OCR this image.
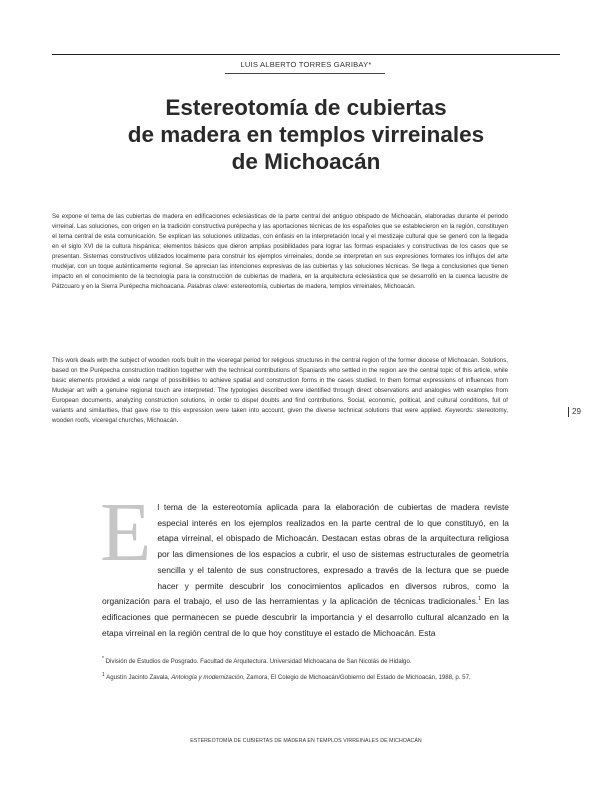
LUIS ALBERTO TORRES GARIBAY*
Estereotomía de cubiertas
de madera en templos virreinales
de Michoacán

Se expone el tema de las cubiertas de madera en edificaciones eclesiásticas de la parte central del antiguo obispado de Michoacán, elaboradas durante el periodo virreinal. Las soluciones, con origen en la tradición constructiva purépecha y las aportaciones técnicas de los españoles que se establecieron en la región, constituyen el tema central de esta comunicación. Se explican las soluciones utilizadas, con énfasis en la interpretación local y el mestizaje cultural que se generó con la llegada en el siglo XVI de la cultura hispánica; elementos básicos que dieron amplias posibilidades para lograr las formas espaciales y constructivas de los casos que se presentan. Sistemas constructivos utilizados localmente para construir los ejemplos virreinales, donde se interpretan en sus expresiones formales los influjos del arte mudéjar, con un toque auténticamente regional. Se aprecian las intenciones expresivas de las cubiertas y las soluciones técnicas. Se llega a conclusiones que tienen impacto en el conocimiento de la tecnología para la construcción de cubiertas de madera, en la arquitectura eclesiástica que se desarrolló en la cuenca lacustre de Pátzcuaro y en la Sierra Purépecha michoacana. Palabras clave: estereotomía, cubiertas de madera, templos virreinales, Michoacán.

This work deals with the subject of wooden roofs built in the viceregal period for religious structures in the central region of the former diocese of Michoacán. Solutions, based on the Purépecha construction tradition together with the technical contributions of Spaniards who settled in the region are the central topic of this article, while basic elements provided a wide range of possibilities to achieve spatial and construction forms in the cases studied. In them formal expressions of influences from Mudejar art with a genuine regional touch are interpreted. The typologies described were identified through direct observations and analogies with examples from European documents, analyzing construction solutions, in order to dispel doubts and find contributions. Social, economic, political, and cultural conditions, full of variants and similarities, that gave rise to this expression were taken into account, given the diverse technical solutions that were applied. Keywords: stereotomy, wooden roofs, viceregal churches, Michoacán.

29

E l tema de la estereotomía aplicada para la elaboración de cubiertas de madera reviste especial interés en los ejemplos realizados en la parte central de lo que constituyó, en la etapa virreinal, el obispado de Michoacán. Destacan estas obras de la arquitectura religiosa por las dimensiones de los espacios a cubrir, el uso de sistemas estructurales de geometría sencilla y el talento de sus constructores, expresado a través de la lectura que se puede hacer y permite descubrir los conocimientos aplicados en diversos rubros, como la organización para el trabajo, el uso de las herramientas y la aplicación de técnicas tradicionales.$^1$ En las edificaciones que permanecen se puede descubrir la importancia y el desarrollo cultural alcanzado en la etapa virreinal en la región central de lo que hoy constituye el estado de Michoacán. Esta

* División de Estudios de Posgrado. Facultad de Arquitectura. Universidad Michoacana de San Nicolás de Hidalgo.

$^1$ Agustín Jacinto Zavala, Antología y modernización, Zamora, El Colegio de Michoacán/Gobierno del Estado de Michoacán, 1988, p. 57.

ESTEREOTOMÍA DE CUBIERTAS DE MADERA EN TEMPLOS VIRREINALES DE MICHOACÁN
